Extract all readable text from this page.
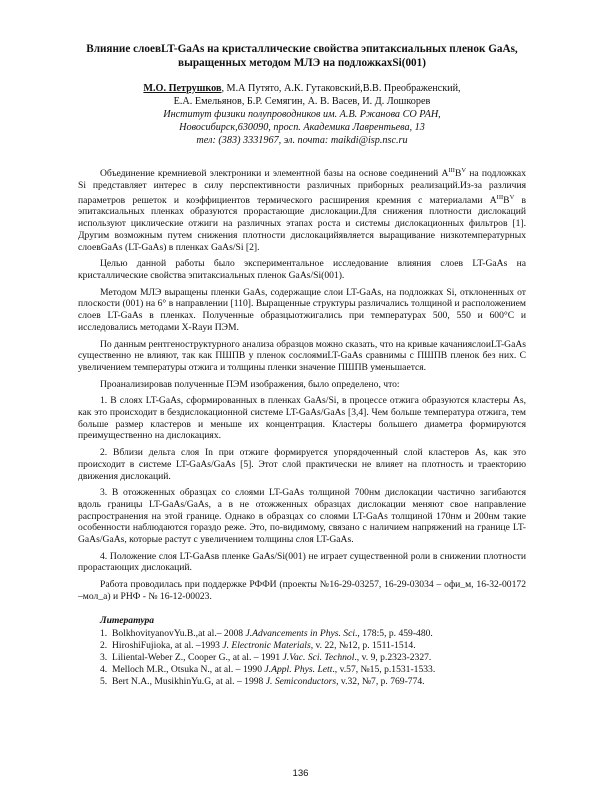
Влияние слоевLT-GaAs на кристаллические свойства эпитаксиальных пленок GaAs,
выращенных методом МЛЭ на подложкахSi(001)
М.О. Петрушков, М.А Путято, А.К. Гутаковский,В.В. Преображенский,
Е.А. Емельянов, Б.Р. Семягин, А. В. Васев, И. Д. Лошкорев
Институт физики полупроводников им. А.В. Ржанова СО РАН,
Новосибирск,630090, просп. Академика Лаврентьева, 13
тел: (383) 3331967, эл. почта: maikdi@isp.nsc.ru

Объединение кремниевой электроники и элементной базы на основе соединений $A^{III}B^V$ на подложках Si представляет интерес в силу перспективности различных приборных реализаций.Из-за различия параметров решеток и коэффициентов термического расширения кремния с материалами $A^{III}B^V$ в эпитаксиальных пленках образуются прорастающие дислокации.Для снижения плотности дислокаций используют циклические отжиги на различных этапах роста и системы дислокационных фильтров [1]. Другим возможным путем снижения плотности дислокацийявляется выращивание низкотемпературных слоевGaAs (LT-GaAs) в пленках GaAs/Si [2].

Целью данной работы было экспериментальное исследование влияния слоев LT-GaAs на кристаллические свойства эпитаксиальных пленок GaAs/Si(001).

Методом МЛЭ выращены пленки GaAs, содержащие слои LT-GaAs, на подложках Si, отклоненных от плоскости (001) на 6° в направлении [110]. Выращенные структуры различались толщиной и расположением слоев LT-GaAs в пленках. Полученные образцыотжигались при температурах 500, 550 и 600°C и исследовались методами X-Rayи ПЭМ.

По данным рентгеноструктурного анализа образцов можно сказать, что на кривые качанияслоиLT-GaAs существенно не влияют, так как ПШПВ у пленок сослоямиLT-GaAs сравнимы с ПШПВ пленок без них. С увеличением температуры отжига и толщины пленки значение ПШПВ уменьшается.

Проанализировав полученные ПЭМ изображения, было определено, что:

1. В слоях LT-GaAs, сформированных в пленках GaAs/Si, в процессе отжига образуются кластеры As, как это происходит в бездислокационной системе LT-GaAs/GaAs [3,4]. Чем больше температура отжига, тем больше размер кластеров и меньше их концентрация. Кластеры большего диаметра формируются преимущественно на дислокациях.

2. Вблизи дельта слоя In при отжиге формируется упорядоченный слой кластеров As, как это происходит в системе LT-GaAs/GaAs [5]. Этот слой практически не влияет на плотность и траекторию движения дислокаций.

3. В отожженных образцах со слоями LT-GaAs толщиной 700нм дислокации частично загибаются вдоль границы LT-GaAs/GaAs, а в не отожженных образцах дислокации меняют свое направление распространения на этой границе. Однако в образцах со слоями LT-GaAs толщиной 170нм и 200нм такие особенности наблюдаются гораздо реже. Это, по-видимому, связано с наличием напряжений на границе LT-GaAs/GaAs, которые растут с увеличением толщины слоя LT-GaAs.

4. Положение слоя LT-GaAsв пленке GaAs/Si(001) не играет существенной роли в снижении плотности прорастающих дислокаций.

Работа проводилась при поддержке РФФИ (проекты №16-29-03257, 16-29-03034 – офи_м, 16-32-00172 –мол_а) и РНФ - № 16-12-00023.

Литература
1. BolkhovityanovYu.B.,at al.– 2008 J.Advancements in Phys. Sci., 178:5, p. 459-480.
2. HiroshiFujioka, at al. –1993 J. Electronic Materials, v. 22, №12, p. 1511-1514.
3. Liliental-Weber Z., Cooper G., at al. – 1991 J.Vac. Sci. Technol., v. 9, p.2323-2327.
4. Melloch M.R., Otsuka N., at al. – 1990 J.Appl. Phys. Lett., v.57, №15, p.1531-1533.
5. Bert N.A., MusikhinYu.G, at al. – 1998 J. Semiconductors, v.32, №7, p. 769-774.
136
